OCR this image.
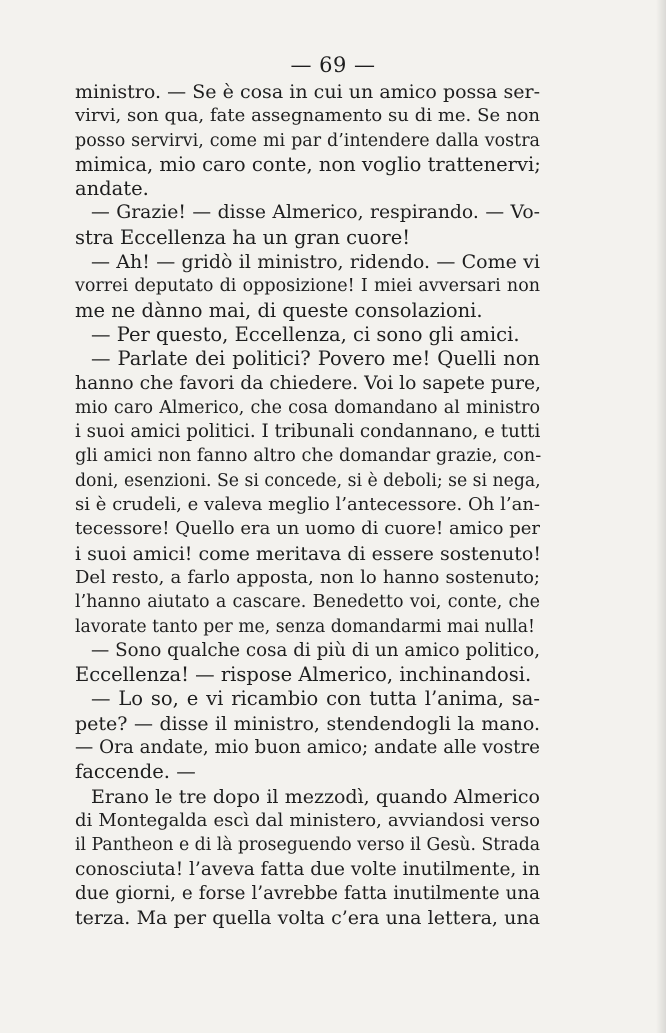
— 69 —
ministro. — Se è cosa in cui un amico possa ser-
virvi, son qua, fate assegnamento su di me. Se non
posso servirvi, come mi par d’intendere dalla vostra
mimica, mio caro conte, non voglio trattenervi;
andate.
— Grazie! — disse Almerico, respirando. — Vo-
stra Eccellenza ha un gran cuore!
— Ah! — gridò il ministro, ridendo. — Come vi
vorrei deputato di opposizione! I miei avversari non
me ne dànno mai, di queste consolazioni.
— Per questo, Eccellenza, ci sono gli amici.
— Parlate dei politici? Povero me! Quelli non
hanno che favori da chiedere. Voi lo sapete pure,
mio caro Almerico, che cosa domandano al ministro
i suoi amici politici. I tribunali condannano, e tutti
gli amici non fanno altro che domandar grazie, con-
doni, esenzioni. Se si concede, si è deboli; se si nega,
si è crudeli, e valeva meglio l’antecessore. Oh l’an-
tecessore! Quello era un uomo di cuore! amico per
i suoi amici! come meritava di essere sostenuto!
Del resto, a farlo apposta, non lo hanno sostenuto;
l’hanno aiutato a cascare. Benedetto voi, conte, che
lavorate tanto per me, senza domandarmi mai nulla!
— Sono qualche cosa di più di un amico politico,
Eccellenza! — rispose Almerico, inchinandosi.
— Lo so, e vi ricambio con tutta l’anima, sa-
pete? — disse il ministro, stendendogli la mano.
— Ora andate, mio buon amico; andate alle vostre
faccende. —
Erano le tre dopo il mezzodì, quando Almerico
di Montegalda escì dal ministero, avviandosi verso
il Pantheon e di là proseguendo verso il Gesù. Strada
conosciuta! l’aveva fatta due volte inutilmente, in
due giorni, e forse l’avrebbe fatta inutilmente una
terza. Ma per quella volta c’era una lettera, una
